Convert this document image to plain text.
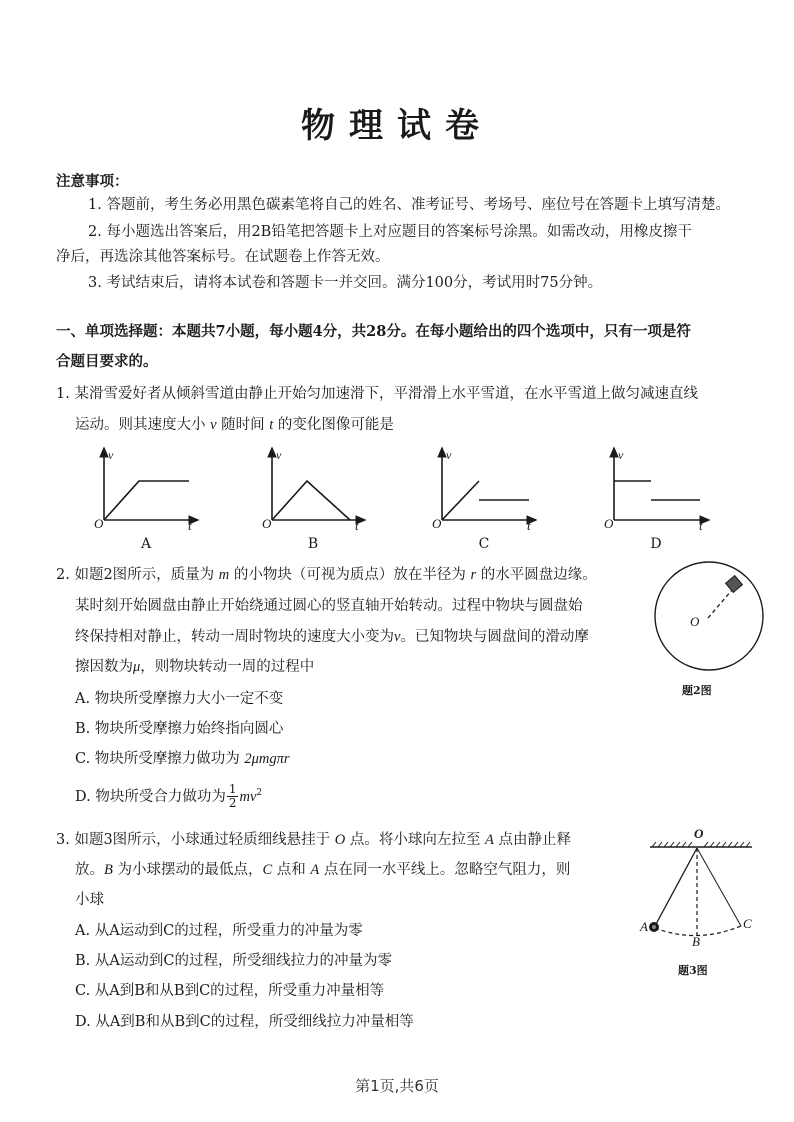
物理试卷
注意事项：
1. 答题前，考生务必用黑色碳素笔将自己的姓名、准考证号、考场号、座位号在答题卡上填写清楚。
2. 每小题选出答案后，用2B铅笔把答题卡上对应题目的答案标号涂黑。如需改动，用橡皮擦干
净后，再选涂其他答案标号。在试题卷上作答无效。
3. 考试结束后，请将本试卷和答题卡一并交回。满分100分，考试用时75分钟。
一、单项选择题：本题共7小题，每小题4分，共28分。在每小题给出的四个选项中，只有一项是符
合题目要求的。
1. 某滑雪爱好者从倾斜雪道由静止开始匀加速滑下，平滑滑上水平雪道，在水平雪道上做匀减速直线
运动。则其速度大小 v 随时间 t 的变化图像可能是
v
O	t
A
v
O	t
B
v
O	t
C
v
O	t
D
2. 如题2图所示，质量为 m 的小物块（可视为质点）放在半径为 r 的水平圆盘边缘。
某时刻开始圆盘由静止开始绕通过圆心的竖直轴开始转动。过程中物块与圆盘始
终保持相对静止，转动一周时物块的速度大小变为v。已知物块与圆盘间的滑动摩
擦因数为μ，则物块转动一周的过程中
A. 物块所受摩擦力大小一定不变
B. 物块所受摩擦力始终指向圆心
C. 物块所受摩擦力做功为 2μmgπr
D. 物块所受合力做功为 $\frac{1}{2} mv^2$
O
题2图
3. 如题3图所示，小球通过轻质细线悬挂于 O 点。将小球向左拉至 A 点由静止释
放。B 为小球摆动的最低点，C 点和 A 点在同一水平线上。忽略空气阻力，则
小球
A. 从A运动到C的过程，所受重力的冲量为零
B. 从A运动到C的过程，所受细线拉力的冲量为零
C. 从A到B和从B到C的过程，所受重力冲量相等
D. 从A到B和从B到C的过程，所受细线拉力冲量相等
O
A
B
C
题3图
第1页,共6页
